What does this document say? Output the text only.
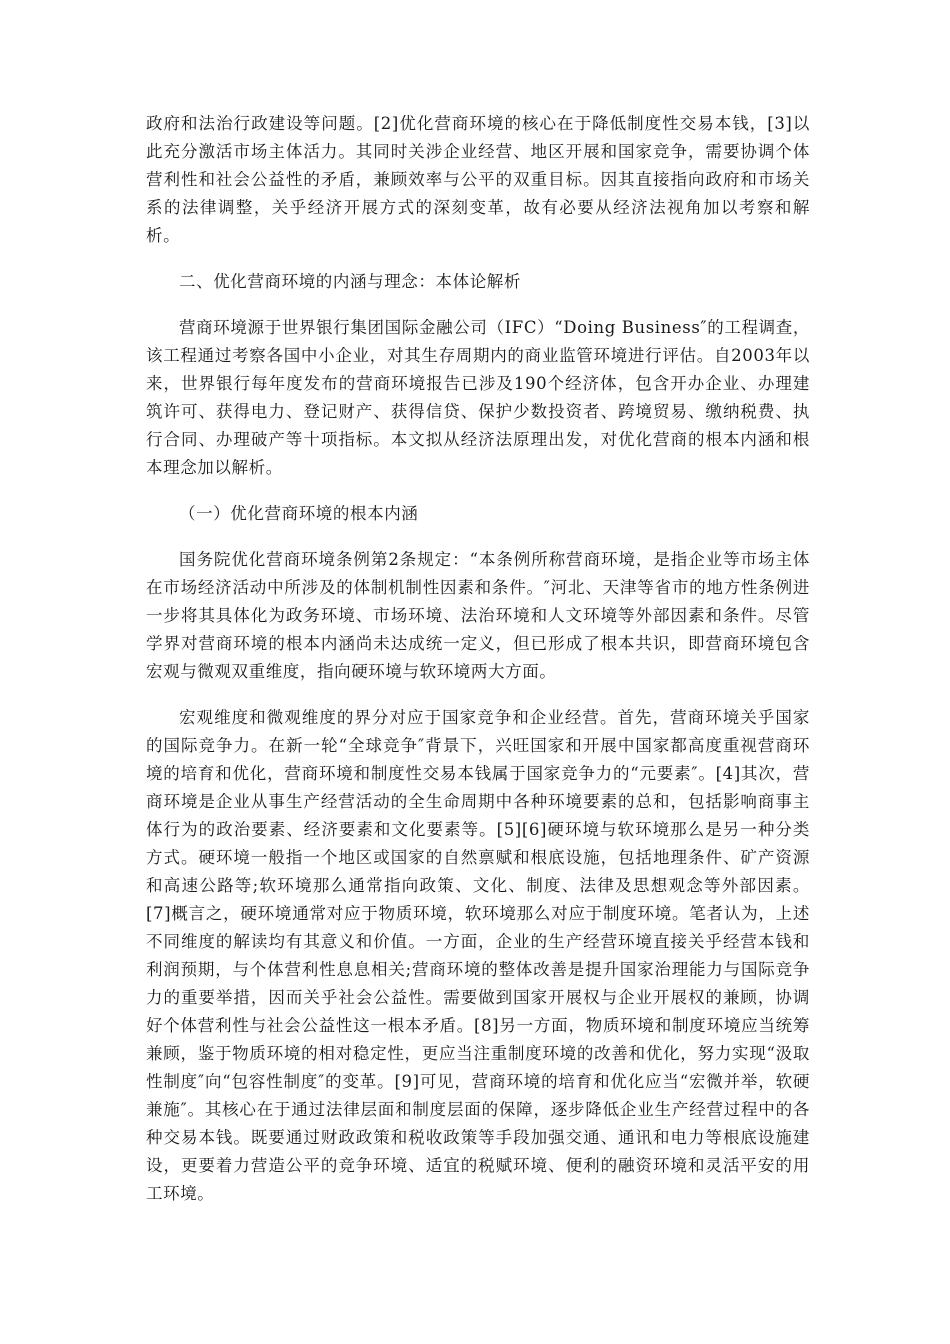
政府和法治行政建设等问题。[2]优化营商环境的核心在于降低制度性交易本钱，[3]以此充分激活市场主体活力。其同时关涉企业经营、地区开展和国家竞争，需要协调个体营利性和社会公益性的矛盾，兼顾效率与公平的双重目标。因其直接指向政府和市场关系的法律调整，关乎经济开展方式的深刻变革，故有必要从经济法视角加以考察和解析。

二、优化营商环境的内涵与理念：本体论解析

营商环境源于世界银行集团国际金融公司（IFC）“Doing Business″的工程调查，该工程通过考察各国中小企业，对其生存周期内的商业监管环境进行评估。自2003年以来，世界银行每年度发布的营商环境报告已涉及190个经济体，包含开办企业、办理建筑许可、获得电力、登记财产、获得信贷、保护少数投资者、跨境贸易、缴纳税费、执行合同、办理破产等十项指标。本文拟从经济法原理出发，对优化营商的根本内涵和根本理念加以解析。

（一）优化营商环境的根本内涵

国务院优化营商环境条例第2条规定：“本条例所称营商环境，是指企业等市场主体在市场经济活动中所涉及的体制机制性因素和条件。″河北、天津等省市的地方性条例进一步将其具体化为政务环境、市场环境、法治环境和人文环境等外部因素和条件。尽管学界对营商环境的根本内涵尚未达成统一定义，但已形成了根本共识，即营商环境包含宏观与微观双重维度，指向硬环境与软环境两大方面。

宏观维度和微观维度的界分对应于国家竞争和企业经营。首先，营商环境关乎国家的国际竞争力。在新一轮“全球竞争″背景下，兴旺国家和开展中国家都高度重视营商环境的培育和优化，营商环境和制度性交易本钱属于国家竞争力的“元要素″。[4]其次，营商环境是企业从事生产经营活动的全生命周期中各种环境要素的总和，包括影响商事主体行为的政治要素、经济要素和文化要素等。[5][6]硬环境与软环境那么是另一种分类方式。硬环境一般指一个地区或国家的自然禀赋和根底设施，包括地理条件、矿产资源和高速公路等;软环境那么通常指向政策、文化、制度、法律及思想观念等外部因素。[7]概言之，硬环境通常对应于物质环境，软环境那么对应于制度环境。笔者认为，上述不同维度的解读均有其意义和价值。一方面，企业的生产经营环境直接关乎经营本钱和利润预期，与个体营利性息息相关;营商环境的整体改善是提升国家治理能力与国际竞争力的重要举措，因而关乎社会公益性。需要做到国家开展权与企业开展权的兼顾，协调好个体营利性与社会公益性这一根本矛盾。[8]另一方面，物质环境和制度环境应当统筹兼顾，鉴于物质环境的相对稳定性，更应当注重制度环境的改善和优化，努力实现“汲取性制度″向“包容性制度″的变革。[9]可见，营商环境的培育和优化应当“宏微并举，软硬兼施″。其核心在于通过法律层面和制度层面的保障，逐步降低企业生产经营过程中的各种交易本钱。既要通过财政政策和税收政策等手段加强交通、通讯和电力等根底设施建设，更要着力营造公平的竞争环境、适宜的税赋环境、便利的融资环境和灵活平安的用工环境。
